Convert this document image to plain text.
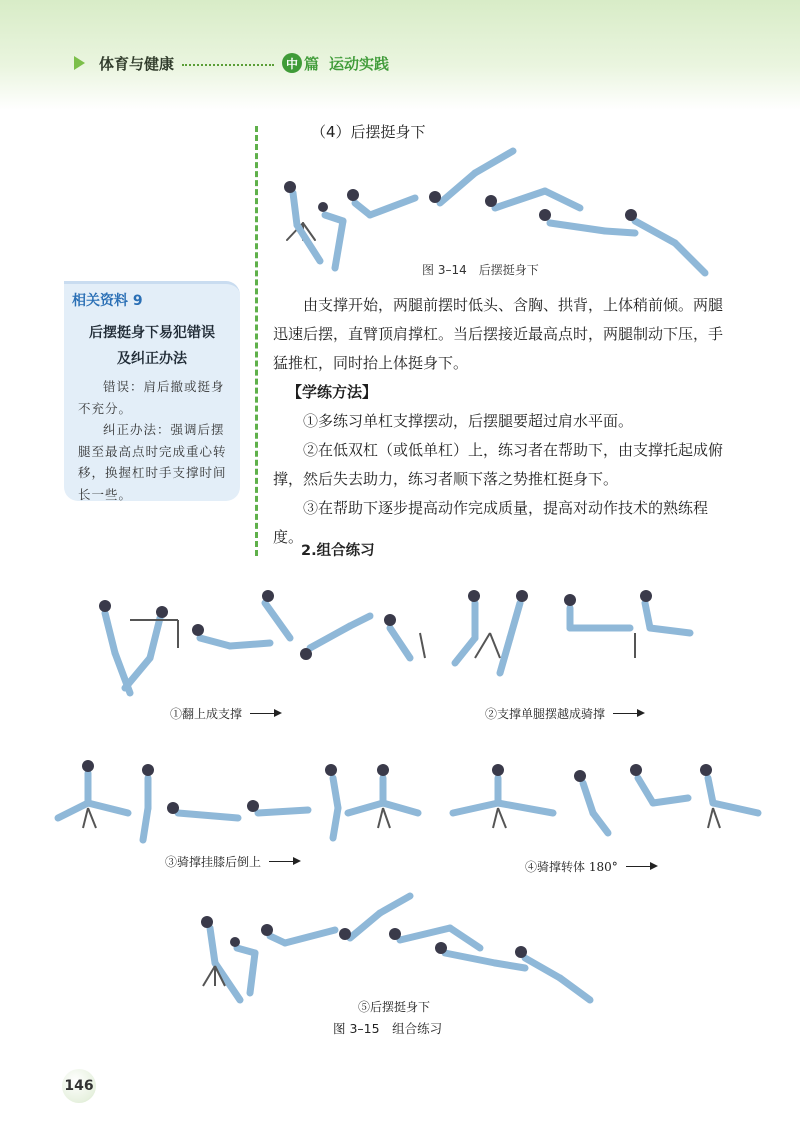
体育与健康	中 篇 运动实践
相关资料 9
后摆挺身下易犯错误
及纠正办法

错误：肩后撤或挺身不充分。

纠正办法：强调后摆腿至最高点时完成重心转移，换握杠时手支撑时间长一些。

（4）后摆挺身下
图 3–14　后摆挺身下

由支撑开始，两腿前摆时低头、含胸、拱背，上体稍前倾。两腿迅速后摆，直臂顶肩撑杠。当后摆接近最高点时，两腿制动下压，手猛推杠，同时抬上体挺身下。

【学练方法】

①多练习单杠支撑摆动，后摆腿要超过肩水平面。

②在低双杠（或低单杠）上，练习者在帮助下，由支撑托起成俯撑，然后失去助力，练习者顺下落之势推杠挺身下。

③在帮助下逐步提高动作完成质量，提高对动作技术的熟练程度。

2.组合练习
①翻上成支撑	②支撑单腿摆越成骑撑
③骑撑挂膝后倒上	④骑撑转体 180°
⑤后摆挺身下
图 3–15　组合练习
146
